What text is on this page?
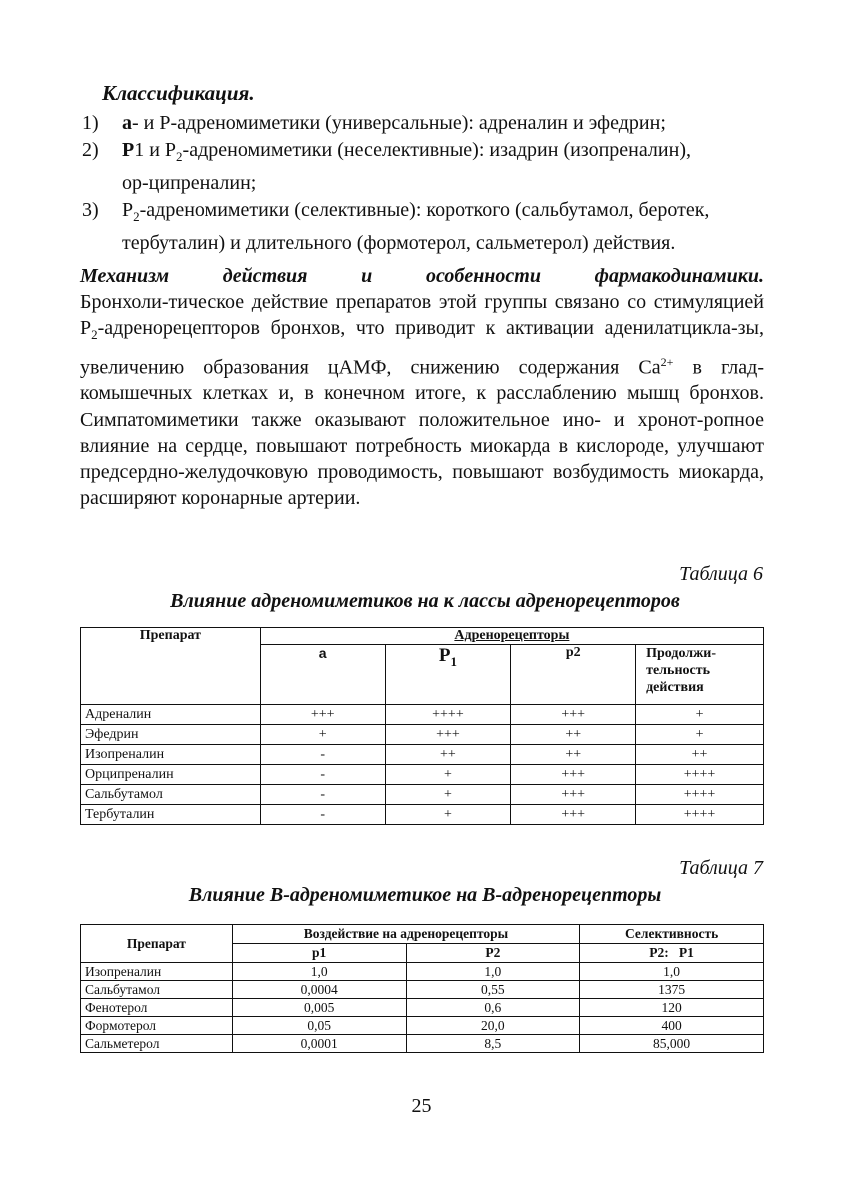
Классификация.
1) а- и Р-адреномиметики (универсальные): адреналин и эфедрин;
2) Р1 и $Р_2$-адреномиметики (неселективные): изадрин (изопреналин),
ор-ципреналин;
3) $Р_2$-адреномиметики (селективные): короткого (сальбутамол, беротек,
тербуталин) и длительного (формотерол, сальметерол) действия.
Механизм	действия	и	особенности	фармакодинамики.
Бронхоли-тическое действие препаратов этой группы связано со стимуляцией $Р_2$-адренорецепторов бронхов, что приводит к активации аденилатцикла-зы, увеличению образования цАМФ, снижению содержания $Ca^{2+}$ в глад-комышечных клетках и, в конечном итоге, к расслаблению мышц бронхов. Симпатомиметики также оказывают положительное ино- и хронот-ропное влияние на сердце, повышают потребность миокарда в кислороде, улучшают предсердно-желудочковую проводимость, повышают возбудимость миокарда, расширяют коронарные артерии.
Таблица 6
Влияние адреномиметиков на к лассы адренорецепторов
Препарат	Адренорецепторы			
	а	$Р_1$	р2	Продолжи-
тельность
действия

Адреналин	+++	++++	+++	+
Эфедрин	+	+++	++	+
Изопреналин	-	++	++	++
Орципреналин	-	+	+++	++++
Сальбутамол	-	+	+++	++++
Тербуталин	-	+	+++	++++
Таблица 7
Влияние В-адреномиметикое на В-адренорецепторы
Препарат	Воздействие на адренорецепторы		Селективность
	p1	P2	P2:   P1
Изопреналин	1,0	1,0	1,0
Сальбутамол	0,0004	0,55	1375
Фенотерол	0,005	0,6	120
Формотерол	0,05	20,0	400
Сальметерол	0,0001	8,5	85,000
25
